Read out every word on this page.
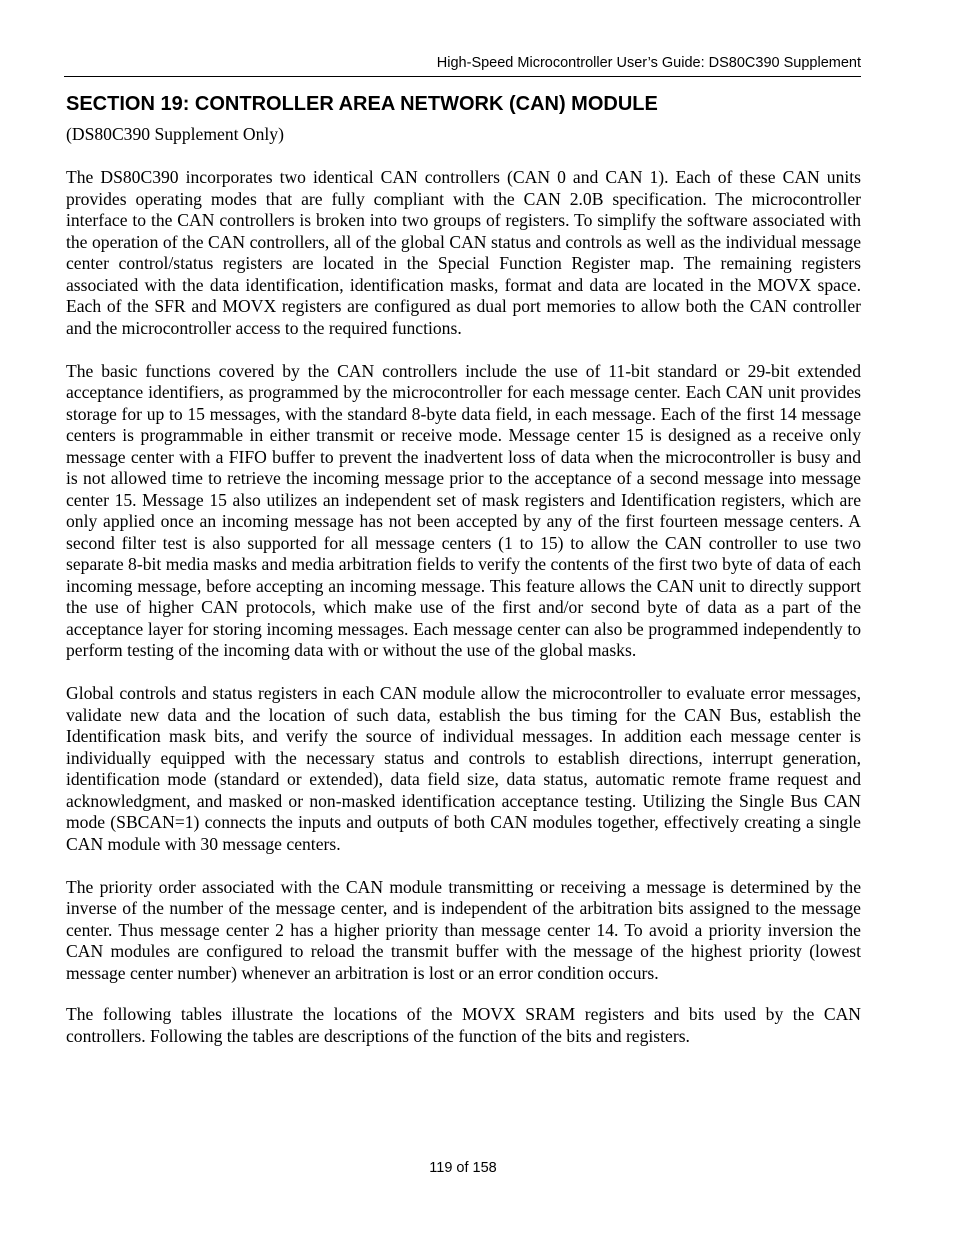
High-Speed Microcontroller User’s Guide: DS80C390 Supplement
SECTION 19: CONTROLLER AREA NETWORK (CAN) MODULE

(DS80C390 Supplement Only)

The DS80C390 incorporates two identical CAN controllers (CAN 0 and CAN 1). Each of these CAN units provides operating modes that are fully compliant with the CAN 2.0B specification. The microcontroller interface to the CAN controllers is broken into two groups of registers. To simplify the software associated with the operation of the CAN controllers, all of the global CAN status and controls as well as the individual message center control/status registers are located in the Special Function Register map. The remaining registers associated with the data identification, identification masks, format and data are located in the MOVX space. Each of the SFR and MOVX registers are configured as dual port memories to allow both the CAN controller and the microcontroller access to the required functions.

The basic functions covered by the CAN controllers include the use of 11-bit standard or 29-bit extended acceptance identifiers, as programmed by the microcontroller for each message center. Each CAN unit provides storage for up to 15 messages, with the standard 8-byte data field, in each message. Each of the first 14 message centers is programmable in either transmit or receive mode. Message center 15 is designed as a receive only message center with a FIFO buffer to prevent the inadvertent loss of data when the microcontroller is busy and is not allowed time to retrieve the incoming message prior to the acceptance of a second message into message center 15. Message 15 also utilizes an independent set of mask registers and Identification registers, which are only applied once an incoming message has not been accepted by any of the first fourteen message centers. A second filter test is also supported for all message centers (1 to 15) to allow the CAN controller to use two separate 8-bit media masks and media arbitration fields to verify the contents of the first two byte of data of each incoming message, before accepting an incoming message. This feature allows the CAN unit to directly support the use of higher CAN protocols, which make use of the first and/or second byte of data as a part of the acceptance layer for storing incoming messages. Each message center can also be programmed independently to perform testing of the incoming data with or without the use of the global masks.

Global controls and status registers in each CAN module allow the microcontroller to evaluate error messages, validate new data and the location of such data, establish the bus timing for the CAN Bus, establish the Identification mask bits, and verify the source of individual messages. In addition each message center is individually equipped with the necessary status and controls to establish directions, interrupt generation, identification mode (standard or extended), data field size, data status, automatic remote frame request and acknowledgment, and masked or non-masked identification acceptance testing. Utilizing the Single Bus CAN mode (SBCAN=1) connects the inputs and outputs of both CAN modules together, effectively creating a single CAN module with 30 message centers.

The priority order associated with the CAN module transmitting or receiving a message is determined by the inverse of the number of the message center, and is independent of the arbitration bits assigned to the message center. Thus message center 2 has a higher priority than message center 14. To avoid a priority inversion the CAN modules are configured to reload the transmit buffer with the message of the highest priority (lowest message center number) whenever an arbitration is lost or an error condition occurs.

The following tables illustrate the locations of the MOVX SRAM registers and bits used by the CAN controllers. Following the tables are descriptions of the function of the bits and registers.

119 of 158
